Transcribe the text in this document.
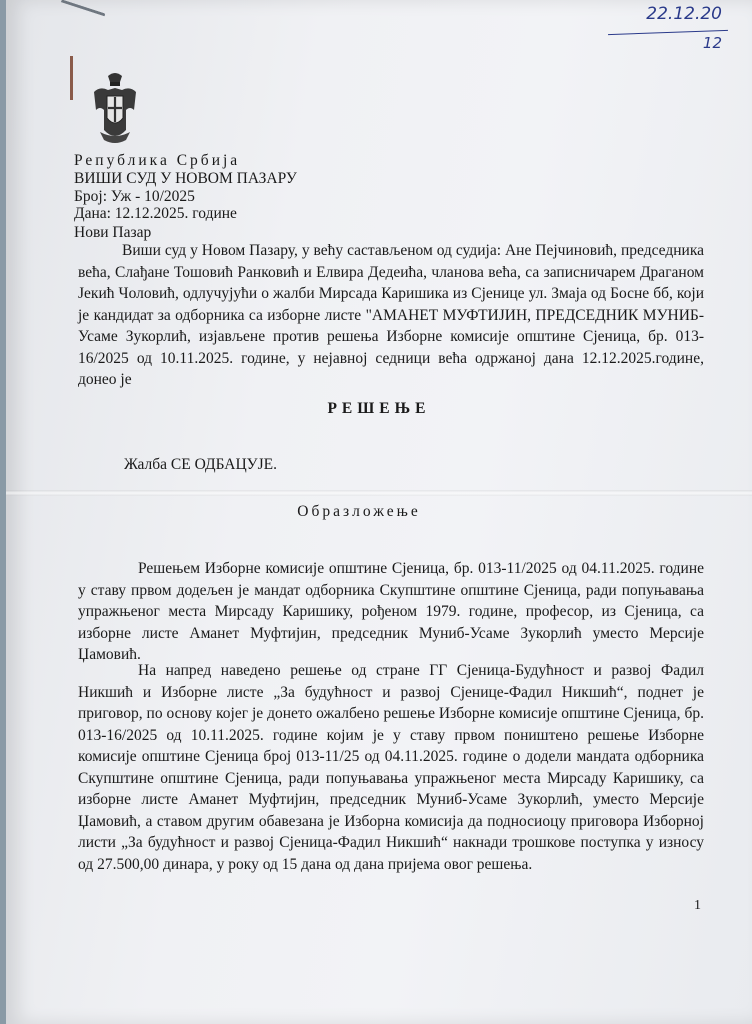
22.12.20
12
Република Србија
ВИШИ СУД У НОВОМ ПАЗАРУ
Број: Уж - 10/2025
Дана: 12.12.2025. године
Нови Пазар
Виши суд у Новом Пазару, у већу састављеном од судија: Ане Пејчиновић, председника већа, Слађане Тошовић Ранковић и Елвира Дедеића, чланова већа, са записничарем Драганом Јекић Чоловић, одлучујући о жалби Мирсада Каришика из Сјенице ул. Змаја од Босне бб, који је кандидат за одборника са изборне листе "АМАНЕТ МУФТИЈИН, ПРЕДСЕДНИК МУНИБ-Усаме Зукорлић, изјављене против решења Изборне комисије општине Сјеница, бр. 013-16/2025 од 10.11.2025. године, у нејавној седници већа одржаној дана 12.12.2025.године, донео је
РЕШЕЊЕ
Жалба СЕ ОДБАЦУЈЕ.
Образложење
Решењем Изборне комисије општине Сјеница, бр. 013-11/2025 од 04.11.2025. године у ставу првом додељен је мандат одборника Скупштине општине Сјеница, ради попуњавања упражњеног места Мирсаду Каришику, рођеном 1979. године, професор, из Сјеница, са изборне листе Аманет Муфтијин, председник Муниб-Усаме Зукорлић уместо Мерсије Џамовић.
На напред наведено решење од стране ГГ Сјеница-Будућност и развој Фадил Никшић и Изборне листе „За будућност и развој Сјенице-Фадил Никшић“, поднет је приговор, по основу којег је донето ожалбено решење Изборне комисије општине Сјеница, бр. 013-16/2025 од 10.11.2025. године којим је у ставу првом поништено решење Изборне комисије општине Сјеница број 013-11/25 од 04.11.2025. године о додели мандата одборника Скупштине општине Сјеница, ради попуњавања упражњеног места Мирсаду Каришику, са изборне листе Аманет Муфтијин, председник Муниб-Усаме Зукорлић, уместо Мерсије Џамовић, а ставом другим обавезана је Изборна комисија да подносиоцу приговора Изборној листи „За будућност и развој Сјеница-Фадил Никшић“ накнади трошкове поступка у износу од 27.500,00 динара, у року од 15 дана од дана пријема овог решења.
1
